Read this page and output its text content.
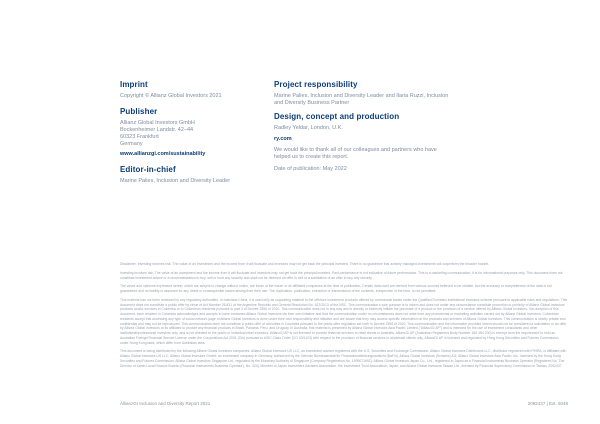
Imprint

Copyright © Allianz Global Investors 2021

Publisher

Allianz Global Investors GmbH

Bockenheimer Landstr. 42–44

60323 Frankfurt

Germany

www.allianzgi.com/sustainability
Editor-in-chief

Marine Palies, Inclusion and Diversity Leader

Project responsibility

Marine Palies, Inclusion and Diversity Leader and Ilaria Ruzzi, Inclusion and Diversity Business Partner

Design, concept and production

Radley Yeldar, London, U.K.

ry.com

We would like to thank all of our colleagues and partners who have helped us to create this report.

Date of publication: May 2022

Disclaimer: Investing involves risk. The value of an investment and the income from it will fluctuate and investors may not get back the principal invested. There is no guarantee that actively managed investments will outperform the broader market.

Investing involves risk. The value of an investment and the income from it will fluctuate and investors may not get back the principal invested. Past performance is not indicative of future performance. This is a marketing communication. It is for informational purposes only. This document does not constitute investment advice or a recommendation to buy, sell or hold any security and shall not be deemed an offer to sell or a solicitation of an offer to buy any security.

The views and opinions expressed herein, which are subject to change without notice, are those of the issuer or its affiliated companies at the time of publication. Certain data used are derived from various sources believed to be reliable, but the accuracy or completeness of the data is not guaranteed and no liability is assumed for any direct or consequential losses arising from their use. The duplication, publication, extraction or transmission of the contents, irrespective of the form, is not permitted.

This material has not been reviewed by any regulatory authorities. In mainland China, it is used only as supporting material to the offshore investment products offered by commercial banks under the Qualified Domestic Institutional Investors scheme pursuant to applicable rules and regulations. This document does not constitute a public offer by virtue of Act Number 26.831 of the Argentine Republic and General Resolution No. 622/2013 of the NSC. This communication's sole purpose is to inform and does not under any circumstance constitute promotion or publicity of Allianz Global Investors products and/or services in Colombia or to Colombian residents pursuant to part 4 of Decree 2555 of 2010. This communication does not in any way aim to directly or indirectly initiate the purchase of a product or the provision of a service offered by Allianz Global Investors. Via reception of this document, each resident in Colombia acknowledges and accepts to have contacted Allianz Global Investors via their own initiative and that the communication under no circumstances does not arise from any promotional or marketing activities carried out by Allianz Global Investors. Colombian residents accept that accessing any type of social network page of Allianz Global Investors is done under their own responsibility and initiative and are aware that they may access specific information on the products and services of Allianz Global Investors. This communication is strictly private and confidential and may not be reproduced. This communication does not constitute a public offer of securities in Colombia pursuant to the public offer regulation set forth in Decree 2555 of 2010. This communication and the information provided herein should not be considered a solicitation or an offer by Allianz Global Investors or its affiliates to provide any financial products in Brazil, Panama, Peru, and Uruguay. In Australia, this material is presented by Allianz Global Investors Asia Pacific Limited ("AllianzGI AP") and is intended for the use of investment consultants and other institutional/professional investors only, and is not directed to the public or individual retail investors. AllianzGI AP is not licensed to provide financial services to retail clients in Australia. AllianzGI AP (Australian Registered Body Number 160 464 200) is exempt from the requirement to hold an Australian Foreign Financial Service License under the Corporations Act 2001 (Cth) pursuant to ASIC Class Order (CO 03/1103) with respect to the provision of financial services to wholesale clients only. AllianzGI AP is licensed and regulated by Hong Kong Securities and Futures Commission under Hong Kong laws, which differ from Australian laws.

This document is being distributed by the following Allianz Global Investors companies: Allianz Global Investors US LLC, an investment adviser registered with the U.S. Securities and Exchange Commission; Allianz Global Investors Distributors LLC, distributor registered with FINRA, is affiliated with Allianz Global Investors US LLC; Allianz Global Investors GmbH, an investment company in Germany, authorized by the German Bundesanstalt für Finanzdienstleistungsaufsicht (BaFin); Allianz Global Investors (Schweiz) AG; Allianz Global Investors Asia Pacific Ltd., licensed by the Hong Kong Securities and Futures Commission; Allianz Global Investors Singapore Ltd., regulated by the Monetary Authority of Singapore [Company Registration No. 199907169Z]; Allianz Global Investors Japan Co., Ltd., registered in Japan as a Financial Instruments Business Operator [Registered No. The Director of Kanto Local Finance Bureau (Financial Instruments Business Operator), No. 424], Member of Japan Investment Advisers Association, the Investment Trust Association, Japan; and Allianz Global Investors Taiwan Ltd., licensed by Financial Supervisory Commission in Taiwan. 2092437

AllianzGI Inclusion and Diversity Report 2021	2092437 | Ext. 6048
